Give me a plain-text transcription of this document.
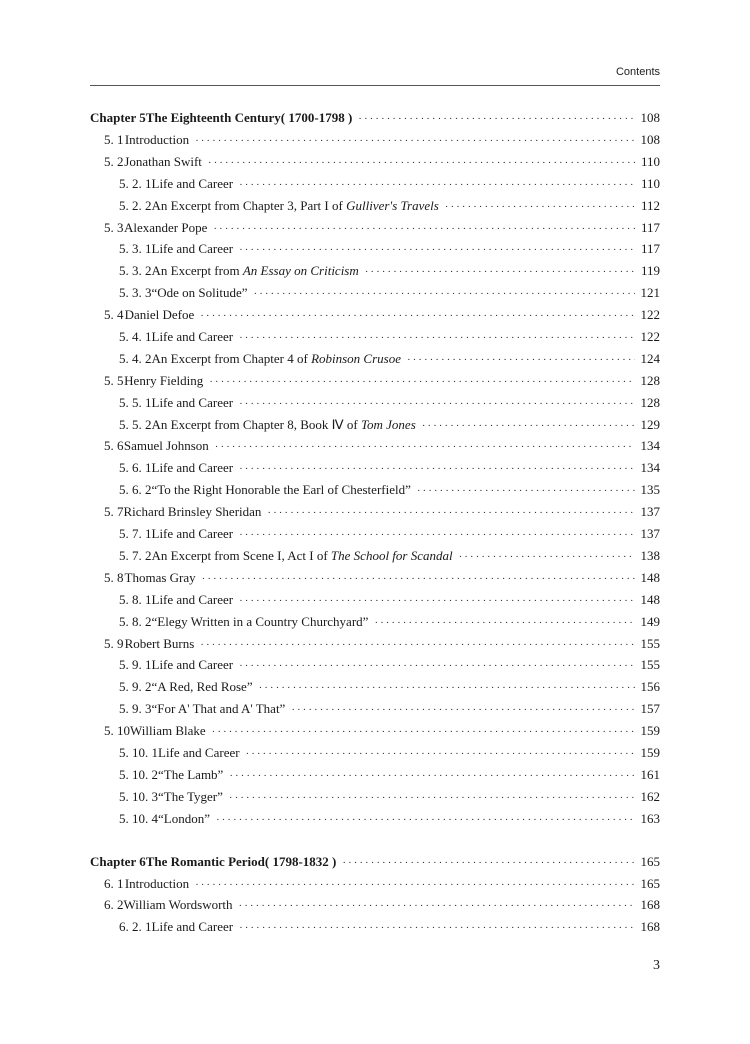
Contents
Chapter 5 The Eighteenth Century( 1700-1798 ) ·····	108
5. 1 Introduction ·····	108
5. 2 Jonathan Swift ·····	110
5. 2. 1 Life and Career ·····	110
5. 2. 2 An Excerpt from Chapter 3, Part I of Gulliver's Travels ·····	112
5. 3 Alexander Pope ·····	117
5. 3. 1 Life and Career ·····	117
5. 3. 2 An Excerpt from An Essay on Criticism ·····	119
5. 3. 3 “Ode on Solitude” ·····	121
5. 4 Daniel Defoe ·····	122
5. 4. 1 Life and Career ·····	122
5. 4. 2 An Excerpt from Chapter 4 of Robinson Crusoe ·····	124
5. 5 Henry Fielding ·····	128
5. 5. 1 Life and Career ·····	128
5. 5. 2 An Excerpt from Chapter 8, Book Ⅳ of Tom Jones ·····	129
5. 6 Samuel Johnson ·····	134
5. 6. 1 Life and Career ·····	134
5. 6. 2 “To the Right Honorable the Earl of Chesterfield” ·····	135
5. 7 Richard Brinsley Sheridan ·····	137
5. 7. 1 Life and Career ·····	137
5. 7. 2 An Excerpt from Scene I, Act I of The School for Scandal ·····	138
5. 8 Thomas Gray ·····	148
5. 8. 1 Life and Career ·····	148
5. 8. 2 “Elegy Written in a Country Churchyard” ·····	149
5. 9 Robert Burns ·····	155
5. 9. 1 Life and Career ·····	155
5. 9. 2 “A Red, Red Rose” ·····	156
5. 9. 3 “For A' That and A' That” ·····	157
5. 10 William Blake ·····	159
5. 10. 1 Life and Career ·····	159
5. 10. 2 “The Lamb” ·····	161
5. 10. 3 “The Tyger” ·····	162
5. 10. 4 “London” ·····	163
Chapter 6 The Romantic Period( 1798-1832 ) ·····	165
6. 1 Introduction ·····	165
6. 2 William Wordsworth ·····	168
6. 2. 1 Life and Career ·····	168
3
